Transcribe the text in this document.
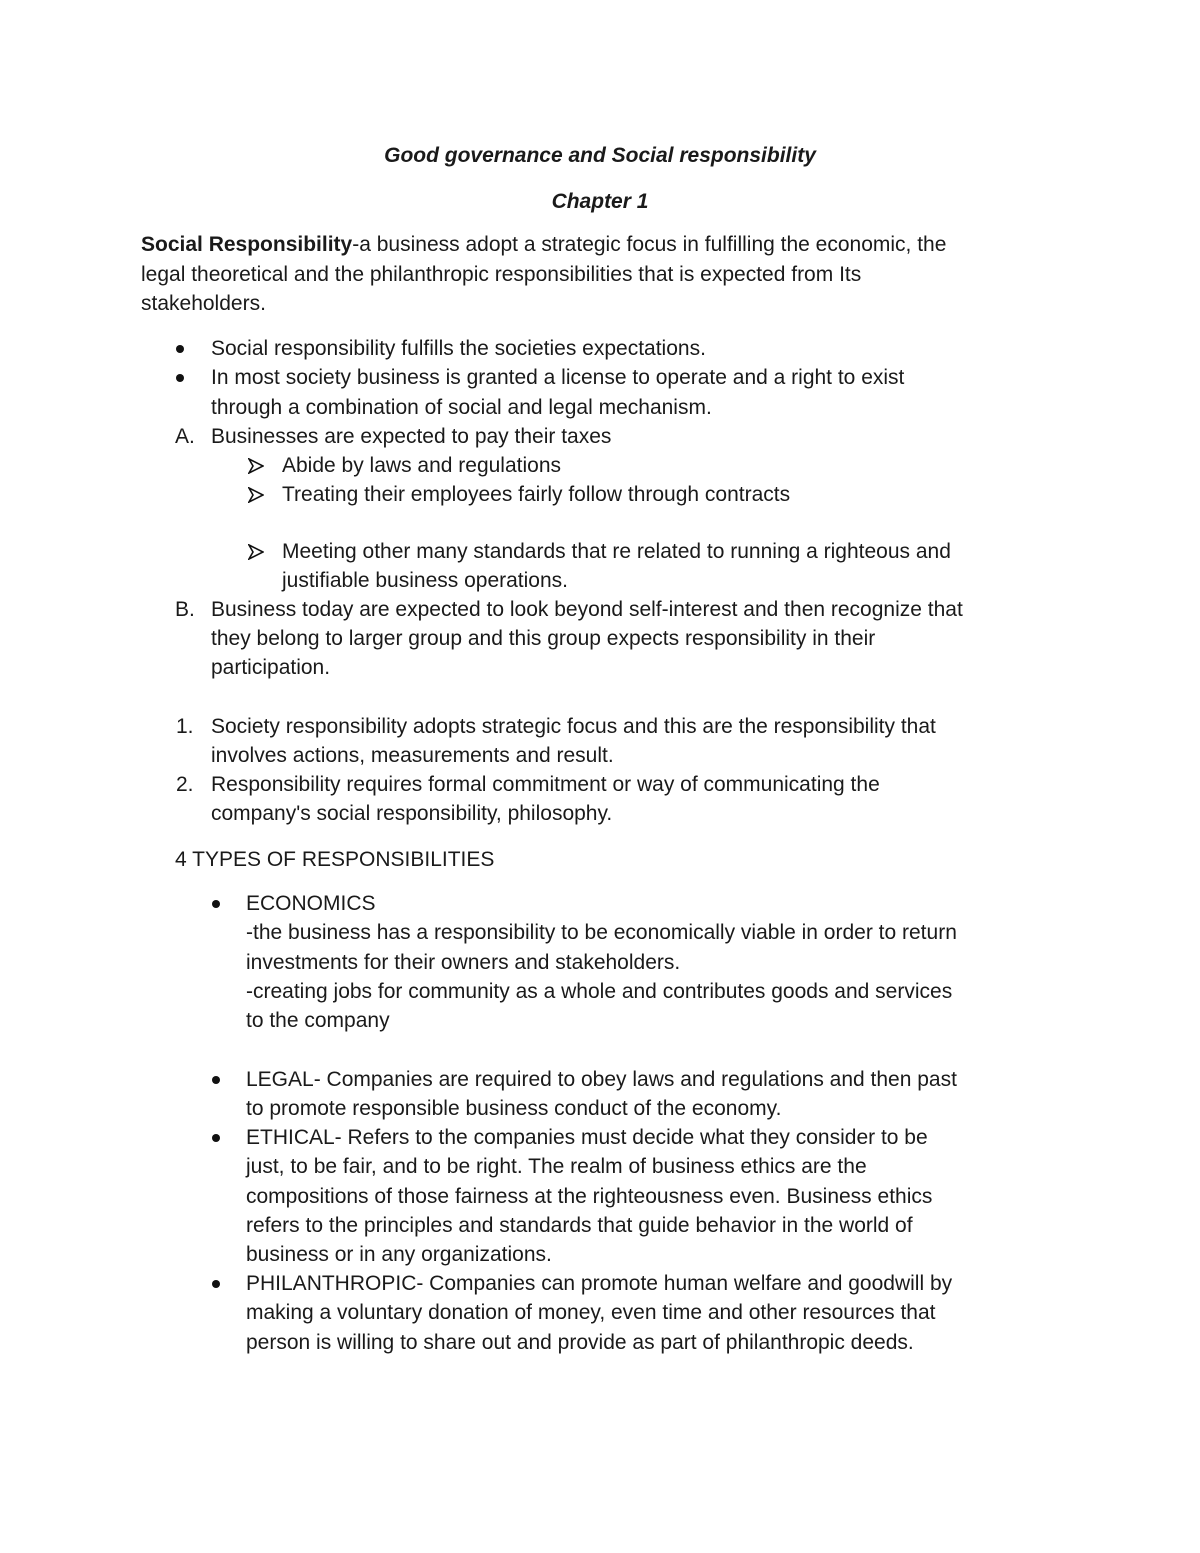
Good governance and Social responsibility
Chapter 1
Social Responsibility-a business adopt a strategic focus in fulfilling the economic, the
legal theoretical and the philanthropic responsibilities that is expected from Its
stakeholders.
Social responsibility fulfills the societies expectations.
In most society business is granted a license to operate and a right to exist
through a combination of social and legal mechanism.
A. Businesses are expected to pay their taxes
Abide by laws and regulations
Treating their employees fairly follow through contracts
Meeting other many standards that re related to running a righteous and
justifiable business operations.
B. Business today are expected to look beyond self-interest and then recognize that
they belong to larger group and this group expects responsibility in their
participation.
1. Society responsibility adopts strategic focus and this are the responsibility that
involves actions, measurements and result.
2. Responsibility requires formal commitment or way of communicating the
company's social responsibility, philosophy.
4 TYPES OF RESPONSIBILITIES
ECONOMICS
-the business has a responsibility to be economically viable in order to return
investments for their owners and stakeholders.
-creating jobs for community as a whole and contributes goods and services
to the company
LEGAL- Companies are required to obey laws and regulations and then past
to promote responsible business conduct of the economy.
ETHICAL- Refers to the companies must decide what they consider to be
just, to be fair, and to be right. The realm of business ethics are the
compositions of those fairness at the righteousness even. Business ethics
refers to the principles and standards that guide behavior in the world of
business or in any organizations.
PHILANTHROPIC- Companies can promote human welfare and goodwill by
making a voluntary donation of money, even time and other resources that
person is willing to share out and provide as part of philanthropic deeds.
